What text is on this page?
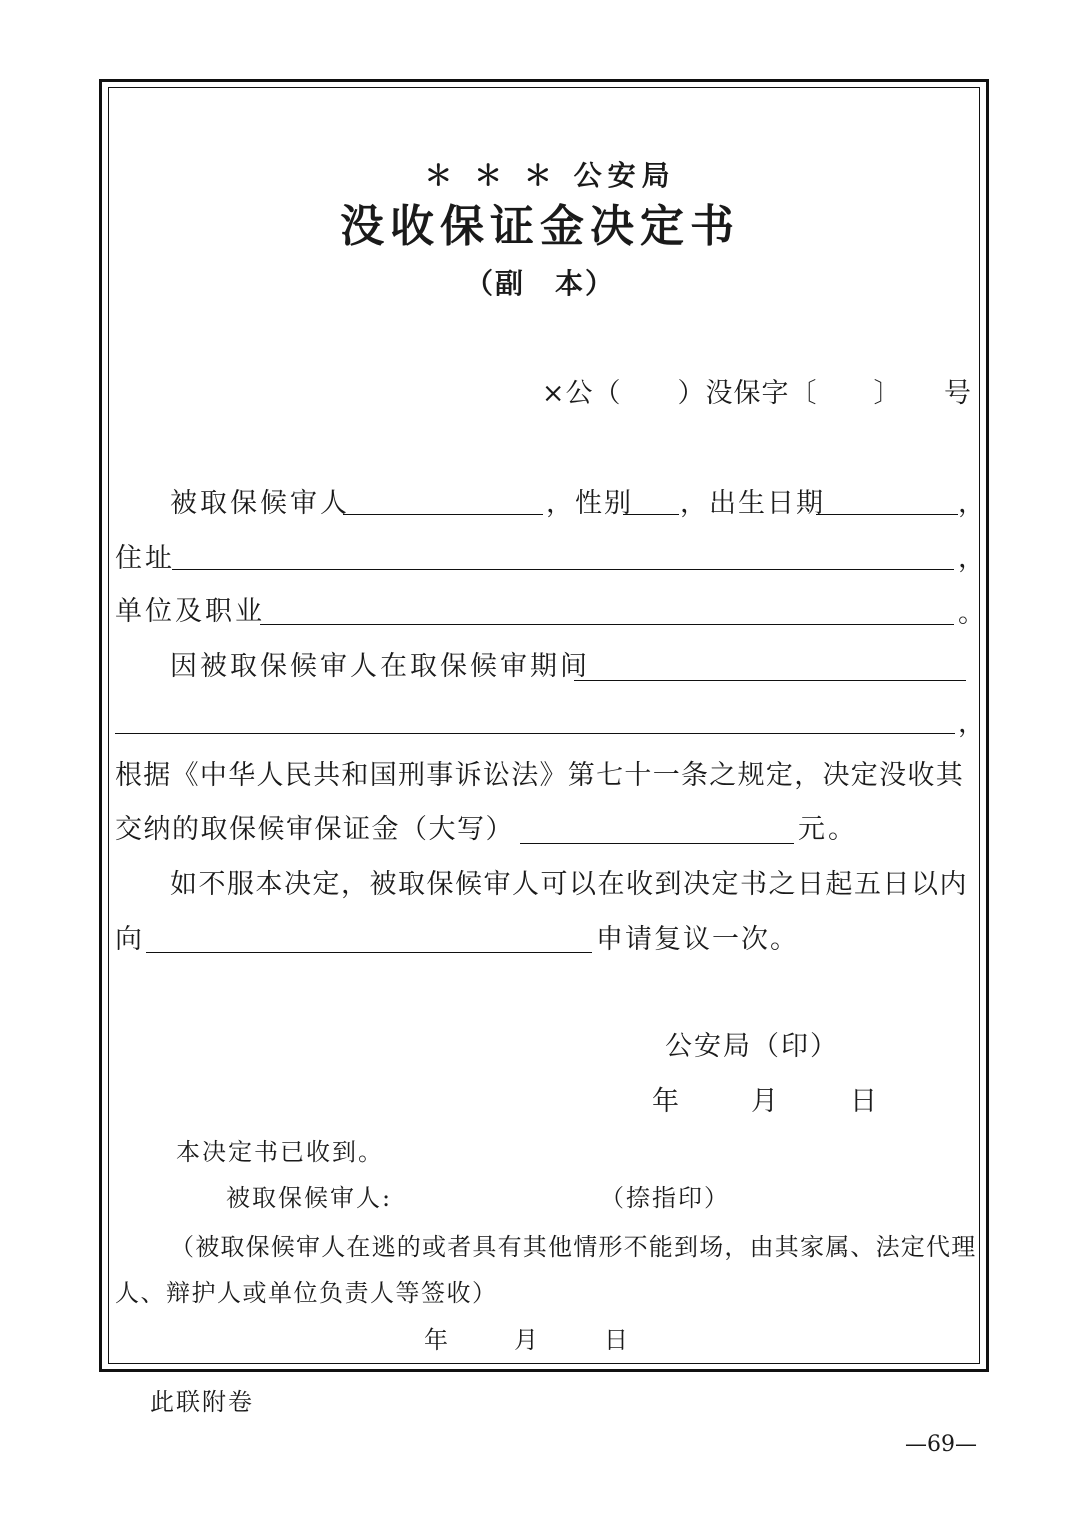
＊ ＊ ＊ 公安局
没收保证金决定书
（副　本）
×公（　　）没保字〔　　〕　　号
被取保候审人	，性别 ，出生日期	，
住址	，
单位及职业	。
因被取保候审人在取保候审期间
，
根据《中华人民共和国刑事诉讼法》第七十一条之规定，决定没收其
交纳的取保候审保证金（大写）	元。
如不服本决定，被取保候审人可以在收到决定书之日起五日以内
向	申请复议一次。
公安局（印）
年　　月　　日
本决定书已收到。
被取保候审人:	（捺指印）
（被取保候审人在逃的或者具有其他情形不能到场，由其家属、法定代理
人、辩护人或单位负责人等签收）
年　　月　　日
此联附卷
—69—
